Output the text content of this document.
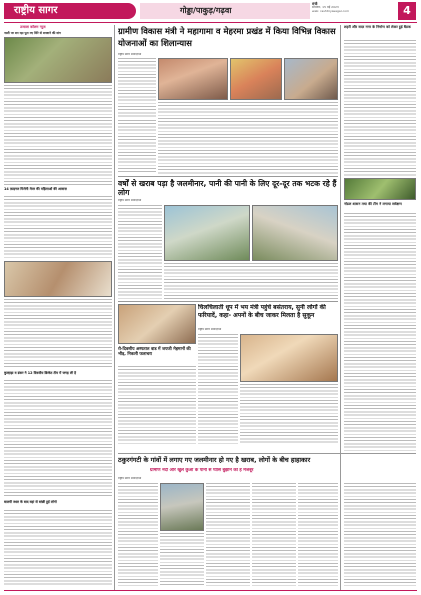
राष्ट्रीय सागर	गोड्डा/पाकुड़/गढ़वा
रांची
सोमवार, 15 मई 2023
web: rashtriyasagar.com	4
उजाला कॉलम न्यूज
नाली पर बन रहा पुल नए सिरे से बनवाने की मांग
14 फ़ाइनल मिलेगी मेयर की महिलाओं की आवाज़
कुल्हाड़ा व डंकर ने 12 दिवसीय क्रिकेट टीम में जगह ली है
बालमी स्थल के बाद वहां से बांछी हुई लोगो
ग्रामीण विकास मंत्री ने महागामा व मेहरमा प्रखंड में किया विभिन्न विकास योजनाओं का शिलान्यास
राष्ट्रीय सागर संवाददाता
शहरी और सदर नगर के निर्माण को लेकर हुई बैठक
नोडल शासन तथा की टीम ने लगाया सर्वेक्षण
वर्षों से खराब पड़ा है जलमीनार, पानी की पानी के लिए दूर-दूर तक भटक रहे हैं लोग
राष्ट्रीय सागर संवाददाता
रो-दिवसीय अस्पताल वाड में जयजी मेहमानों की भीड़, निकली फलाचरा
चिलचिलाती धूप में भय मंत्री पहुंचे बसंतराय, सुनी लोगों की फरियादें, कहा- अपनों के बीच जाकर मिलता है सुकून
राष्ट्रीय सागर संवाददाता
ठकुरगंगटी के गांवों में लगाए गए जलमीनार हो गए है खराब, लोगों के बीच हाहाकार
ग्रामीण नदी और खुले कुओं के पानी से प्यास बुझाने को है मजबूर
राष्ट्रीय सागर संवाददाता
